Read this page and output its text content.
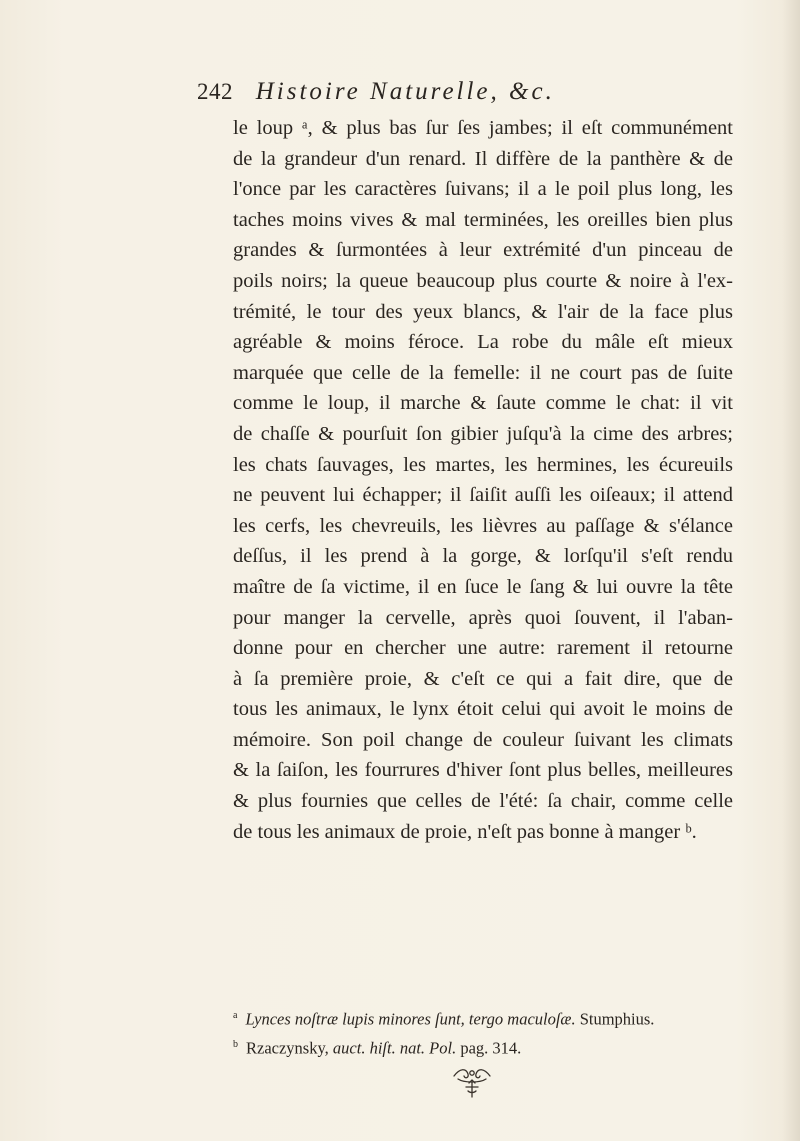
242 Histoire Naturelle, &c.
le loup ᵃ, & plus bas ſur ſes jambes; il eſt communément
de la grandeur d'un renard. Il diffère de la panthère & de
l'once par les caractères ſuivans; il a le poil plus long, les
taches moins vives & mal terminées, les oreilles bien plus
grandes & ſurmontées à leur extrémité d'un pinceau de
poils noirs; la queue beaucoup plus courte & noire à l'ex-
trémité, le tour des yeux blancs, & l'air de la face plus
agréable & moins féroce. La robe du mâle eſt mieux
marquée que celle de la femelle: il ne court pas de ſuite
comme le loup, il marche & ſaute comme le chat: il vit
de chaſſe & pourſuit ſon gibier juſqu'à la cime des arbres;
les chats ſauvages, les martes, les hermines, les écureuils
ne peuvent lui échapper; il ſaiſit auſſi les oiſeaux; il attend
les cerfs, les chevreuils, les lièvres au paſſage & s'élance
deſſus, il les prend à la gorge, & lorſqu'il s'eſt rendu
maître de ſa victime, il en ſuce le ſang & lui ouvre la tête
pour manger la cervelle, après quoi ſouvent, il l'aban-
donne pour en chercher une autre: rarement il retourne
à ſa première proie, & c'eſt ce qui a fait dire, que de
tous les animaux, le lynx étoit celui qui avoit le moins de
mémoire. Son poil change de couleur ſuivant les climats
& la ſaiſon, les fourrures d'hiver ſont plus belles, meilleures
& plus fournies que celles de l'été: ſa chair, comme celle
de tous les animaux de proie, n'eſt pas bonne à manger ᵇ.
$^a$ Lynces noſtræ lupis minores ſunt, tergo maculoſæ. Stumphius.
$^b$ Rzaczynsky, auct. hiſt. nat. Pol. pag. 314.
